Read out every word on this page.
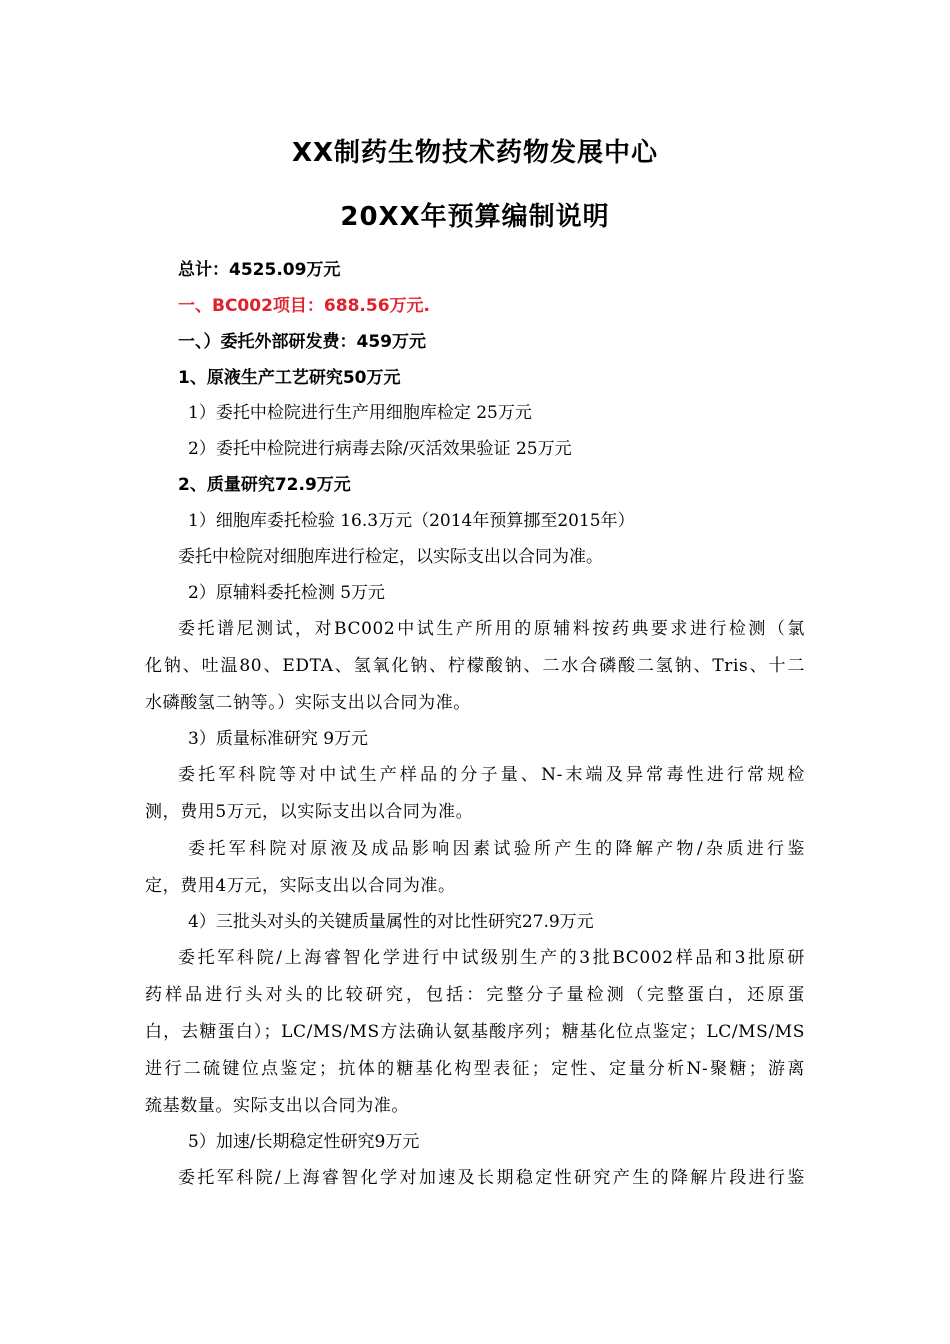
XX制药生物技术药物发展中心
20XX年预算编制说明
总计：4525.09万元
一、BC002项目：688.56万元.
一、）委托外部研发费：459万元
1、原液生产工艺研究50万元
1）委托中检院进行生产用细胞库检定 25万元
2）委托中检院进行病毒去除/灭活效果验证 25万元
2、质量研究72.9万元
1）细胞库委托检验 16.3万元（2014年预算挪至2015年）
委托中检院对细胞库进行检定，以实际支出以合同为准。
2）原辅料委托检测 5万元
委托谱尼测试，对BC002中试生产所用的原辅料按药典要求进行检测（氯
化钠、吐温80、EDTA、氢氧化钠、柠檬酸钠、二水合磷酸二氢钠、Tris、十二
水磷酸氢二钠等。）实际支出以合同为准。
3）质量标准研究 9万元
委托军科院等对中试生产样品的分子量、N-末端及异常毒性进行常规检
测，费用5万元，以实际支出以合同为准。
委托军科院对原液及成品影响因素试验所产生的降解产物/杂质进行鉴
定，费用4万元，实际支出以合同为准。
4）三批头对头的关键质量属性的对比性研究27.9万元
委托军科院/上海睿智化学进行中试级别生产的3批BC002样品和3批原研
药样品进行头对头的比较研究，包括：完整分子量检测（完整蛋白，还原蛋
白，去糖蛋白）；LC/MS/MS方法确认氨基酸序列；糖基化位点鉴定；LC/MS/MS
进行二硫键位点鉴定；抗体的糖基化构型表征；定性、定量分析N-聚糖；游离
巯基数量。实际支出以合同为准。
5）加速/长期稳定性研究9万元
委托军科院/上海睿智化学对加速及长期稳定性研究产生的降解片段进行鉴
